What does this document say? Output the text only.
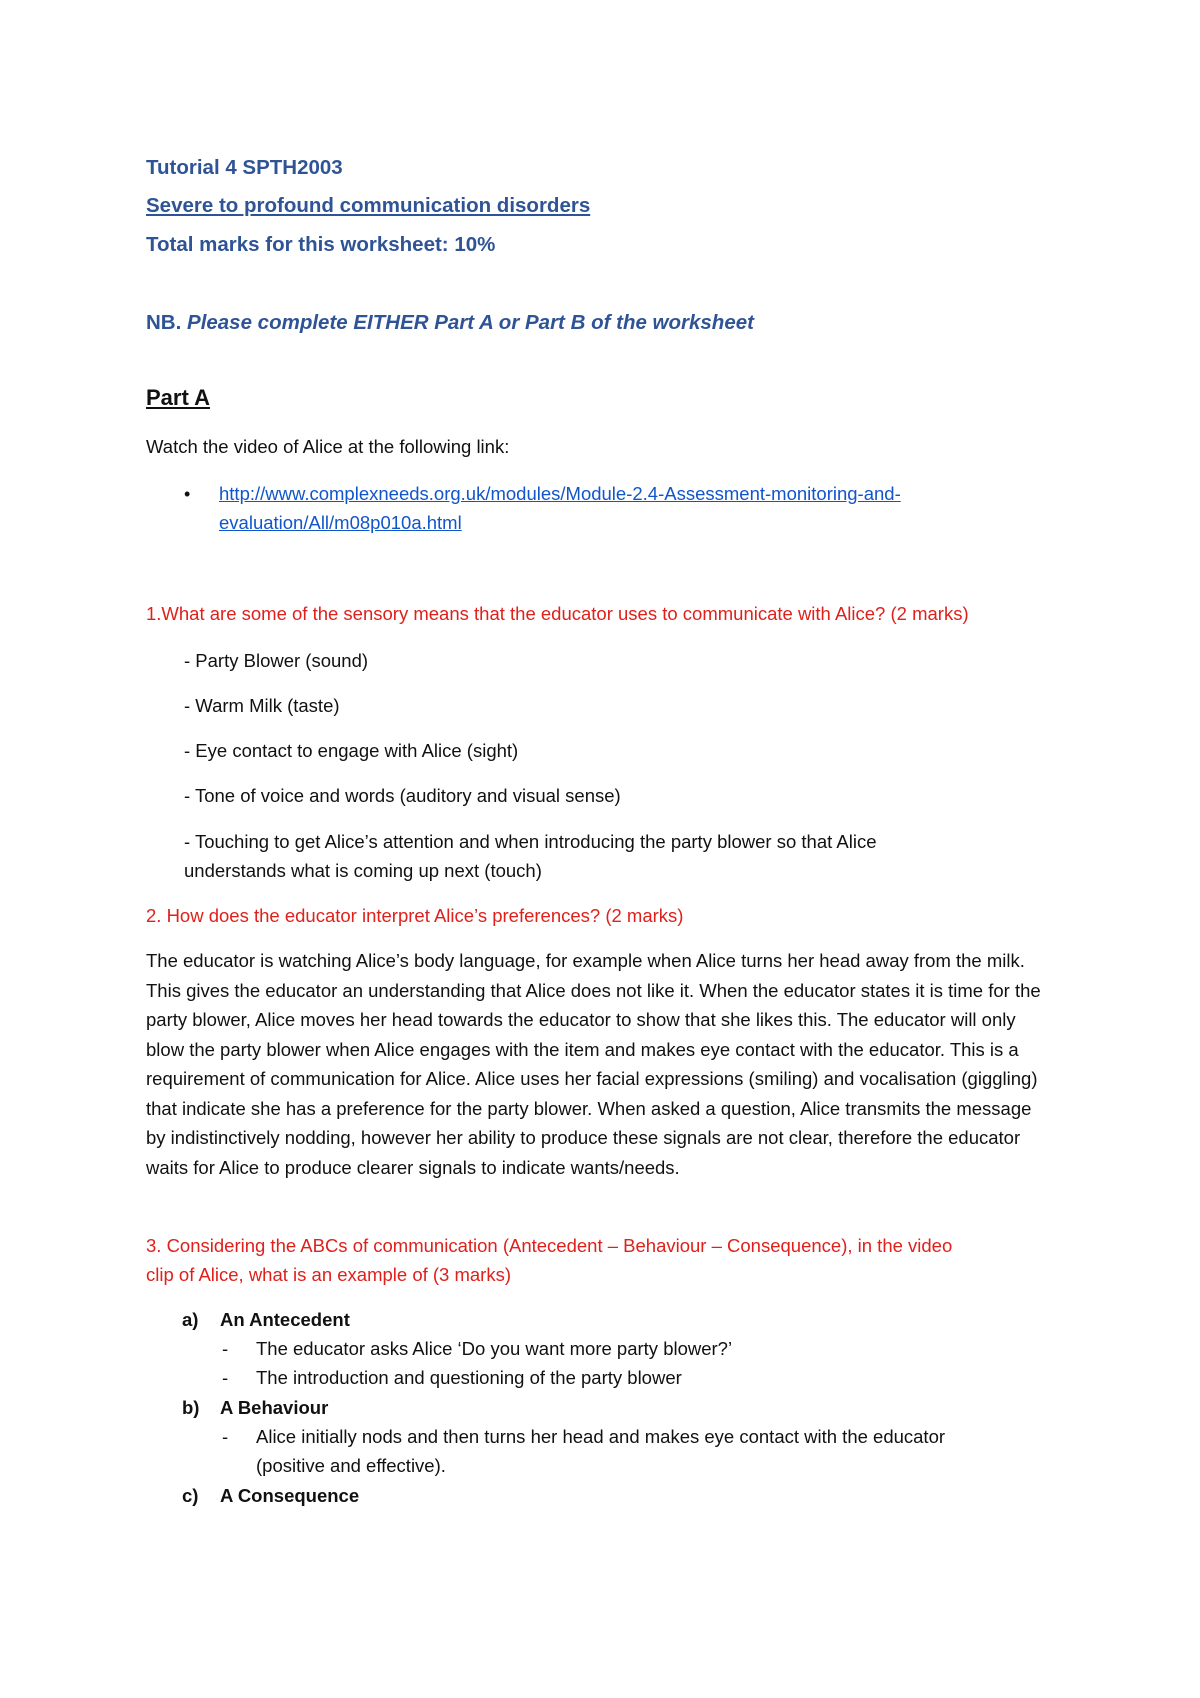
Tutorial 4 SPTH2003
Severe to profound communication disorders
Total marks for this worksheet: 10%
NB. Please complete EITHER Part A or Part B of the worksheet
Part A
Watch the video of Alice at the following link:
• http://www.complexneeds.org.uk/modules/Module-2.4-Assessment-monitoring-and-
evaluation/All/m08p010a.html
1.What are some of the sensory means that the educator uses to communicate with Alice? (2 marks)
- Party Blower (sound)
- Warm Milk (taste)
- Eye contact to engage with Alice (sight)
- Tone of voice and words (auditory and visual sense)
- Touching to get Alice’s attention and when introducing the party blower so that Alice
understands what is coming up next (touch)
2. How does the educator interpret Alice’s preferences? (2 marks)
The educator is watching Alice’s body language, for example when Alice turns her head away from the milk. This gives the educator an understanding that Alice does not like it. When the educator states it is time for the party blower, Alice moves her head towards the educator to show that she likes this. The educator will only blow the party blower when Alice engages with the item and makes eye contact with the educator. This is a requirement of communication for Alice. Alice uses her facial expressions (smiling) and vocalisation (giggling) that indicate she has a preference for the party blower. When asked a question, Alice transmits the message by indistinctively nodding, however her ability to produce these signals are not clear, therefore the educator waits for Alice to produce clearer signals to indicate wants/needs.
3. Considering the ABCs of communication (Antecedent – Behaviour – Consequence), in the video
clip of Alice, what is an example of (3 marks)
a) An Antecedent
- The educator asks Alice ‘Do you want more party blower?’
- The introduction and questioning of the party blower
b) A Behaviour
- Alice initially nods and then turns her head and makes eye contact with the educator
(positive and effective).
c) A Consequence
